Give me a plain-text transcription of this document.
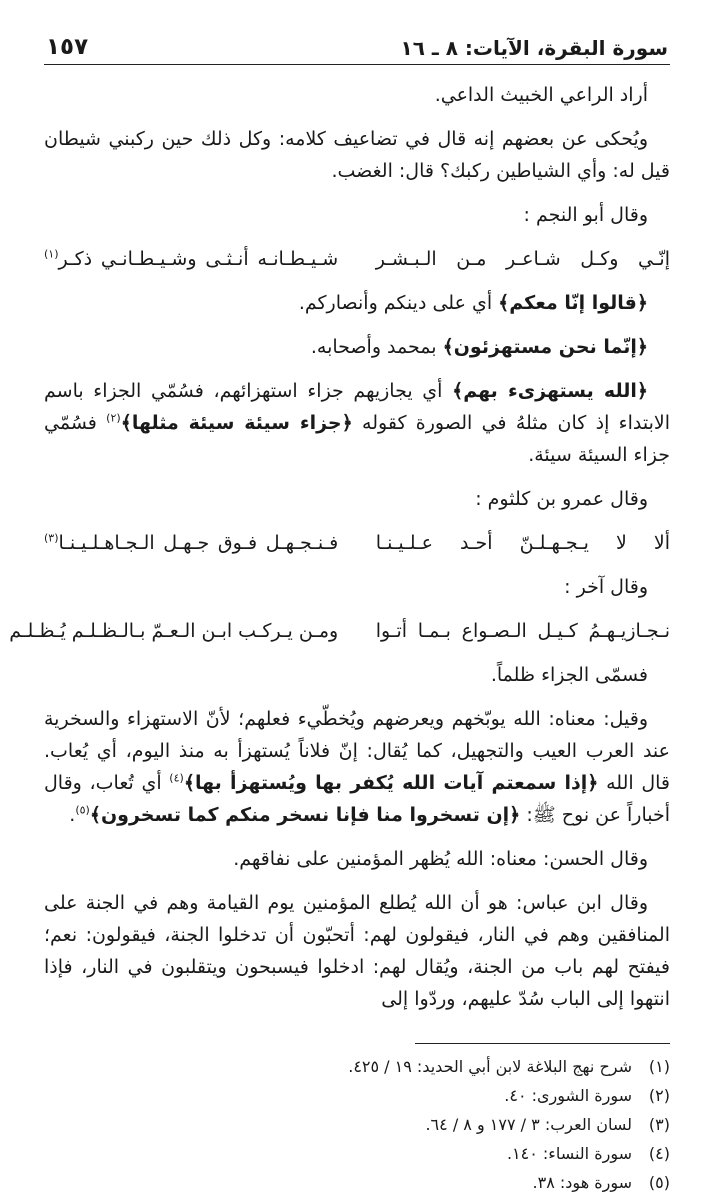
سورة البقرة، الآيات: ٨ ـ ١٦
١٥٧

أراد الراعي الخبيث الداعي.

ويُحكى عن بعضهم إنه قال في تضاعيف كلامه: وكل ذلك حين ركبني شيطان قيل له: وأي الشياطين ركبك؟ قال: الغضب.

وقال أبو النجم :

إنّـي وكـل شـاعـر مـن الـبـشـر
شـيـطـانـه أنـثـى وشـيـطـانـي ذكـر$^{(١)}$

﴿قالوا إنّا معكم﴾ أي على دينكم وأنصاركم.

﴿إنّما نحن مستهزئون﴾ بمحمد وأصحابه.

﴿الله يستهزىء بهم﴾ أي يجازيهم جزاء استهزائهم، فسُمّي الجزاء باسم الابتداء إذ كان مثلهُ في الصورة كقوله ﴿جزاء سيئة سيئة مثلها﴾$^{(٢)}$ فسُمّي جزاء السيئة سيئة.

وقال عمرو بن كلثوم :

ألا لا يـجـهـلـنّ أحـد عـلـيـنـا
فـنـجـهـل فـوق جـهـل الـجـاهـلـيـنـا$^{(٣)}$

وقال آخر :

نـجـازيـهـمُ كـيـل الـصـواع بـمـا أتـوا
ومـن يـركـب ابـن الـعـمّ بـالـظـلـم يُـظـلـم

فسمّى الجزاء ظلماً.

وقيل: معناه: الله يوبّخهم ويعرضهم ويُخطّيء فعلهم؛ لأنّ الاستهزاء والسخرية عند العرب العيب والتجهيل، كما يُقال: إنّ فلاناً يُستهزأ به منذ اليوم، أي يُعاب. قال الله ﴿إذا سمعتم آيات الله يُكفر بها ويُستهزأ بها﴾$^{(٤)}$ أي تُعاب، وقال أخباراً عن نوح ﷺ: ﴿إن تسخروا منا فإنا نسخر منكم كما تسخرون﴾$^{(٥)}$.

وقال الحسن: معناه: الله يُظهر المؤمنين على نفاقهم.

وقال ابن عباس: هو أن الله يُطلع المؤمنين يوم القيامة وهم في الجنة على المنافقين وهم في النار، فيقولون لهم: أتحبّون أن تدخلوا الجنة، فيقولون: نعم؛ فيفتح لهم باب من الجنة، ويُقال لهم: ادخلوا فيسبحون ويتقلبون في النار، فإذا انتهوا إلى الباب سُدّ عليهم، وردّوا إلى

(١)
شرح نهج البلاغة لابن أبي الحديد: ١٩ / ٤٢٥.
(٢)
سورة الشورى: ٤٠.
(٣)
لسان العرب: ٣ / ١٧٧ و ٨ / ٦٤.
(٤)
سورة النساء: ١٤٠.
(٥)
سورة هود: ٣٨.
